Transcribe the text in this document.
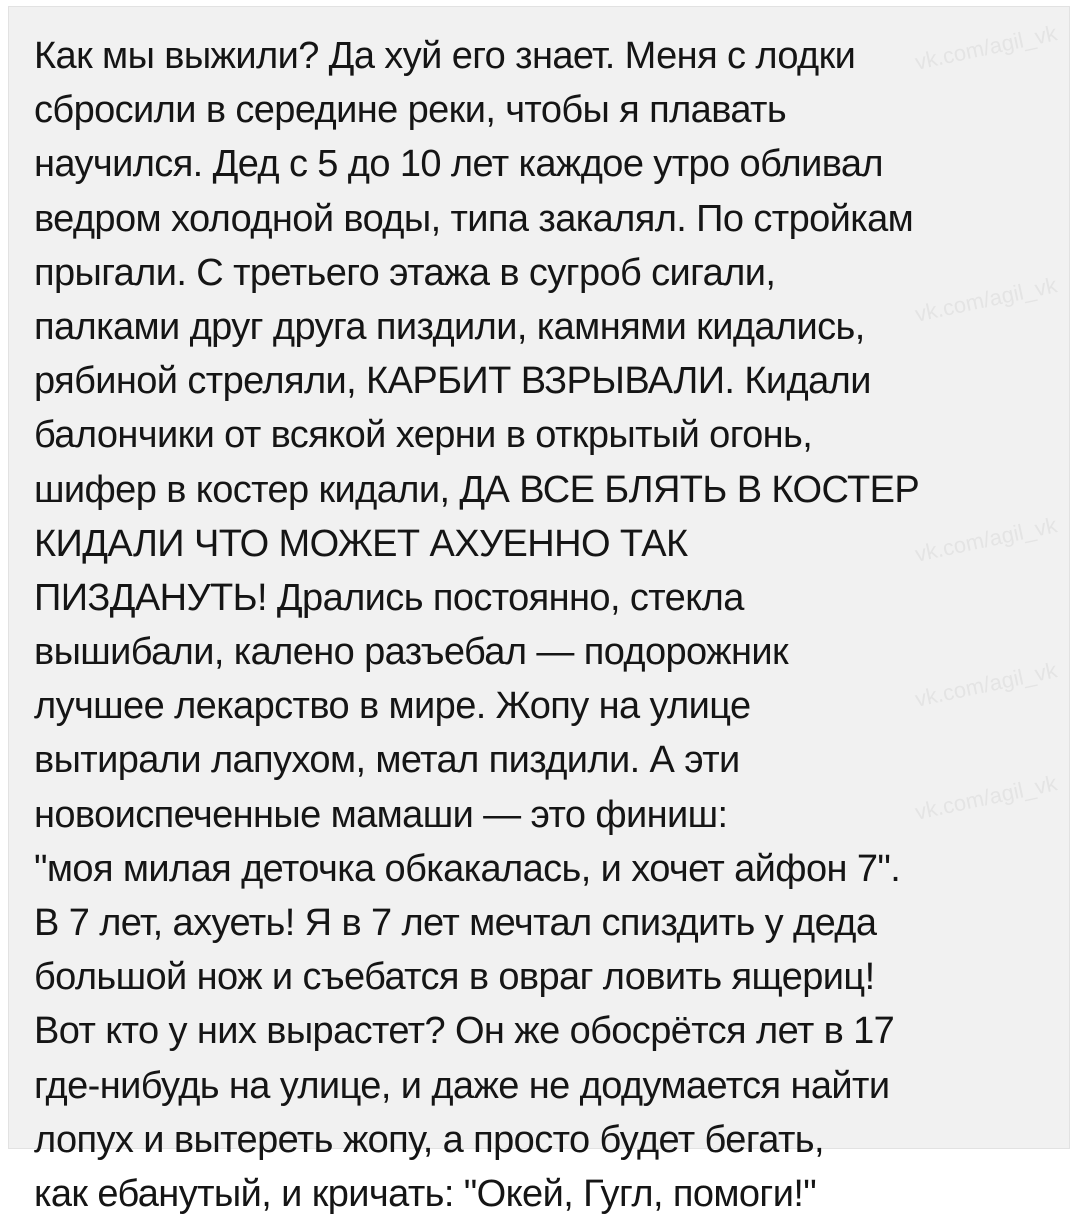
vk.com/agil_vk
vk.com/agil_vk
vk.com/agil_vk
vk.com/agil_vk
vk.com/agil_vk
Как мы выжили? Да хуй его знает. Меня с лодки
сбросили в середине реки, чтобы я плавать
научился. Дед с 5 до 10 лет каждое утро обливал
ведром холодной воды, типа закалял. По стройкам
прыгали. С третьего этажа в сугроб сигали,
палками друг друга пиздили, камнями кидались,
рябиной стреляли, КАРБИТ ВЗРЫВАЛИ. Кидали
балончики от всякой херни в открытый огонь,
шифер в костер кидали, ДА ВСЕ БЛЯТЬ В КОСТЕР
КИДАЛИ ЧТО МОЖЕТ АХУЕННО ТАК
ПИЗДАНУТЬ! Дрались постоянно, стекла
вышибали, калено разъебал — подорожник
лучшее лекарство в мире. Жопу на улице
вытирали лапухом, метал пиздили. А эти
новоиспеченные мамаши — это финиш:
"моя милая деточка обкакалась, и хочет айфон 7".
В 7 лет, ахуеть! Я в 7 лет мечтал спиздить у деда
большой нож и съебатся в овраг ловить ящериц!
Вот кто у них вырастет? Он же обосрётся лет в 17
где-нибудь на улице, и даже не додумается найти
лопух и вытереть жопу, а просто будет бегать,
как ебанутый, и кричать: "Окей, Гугл, помоги!"
